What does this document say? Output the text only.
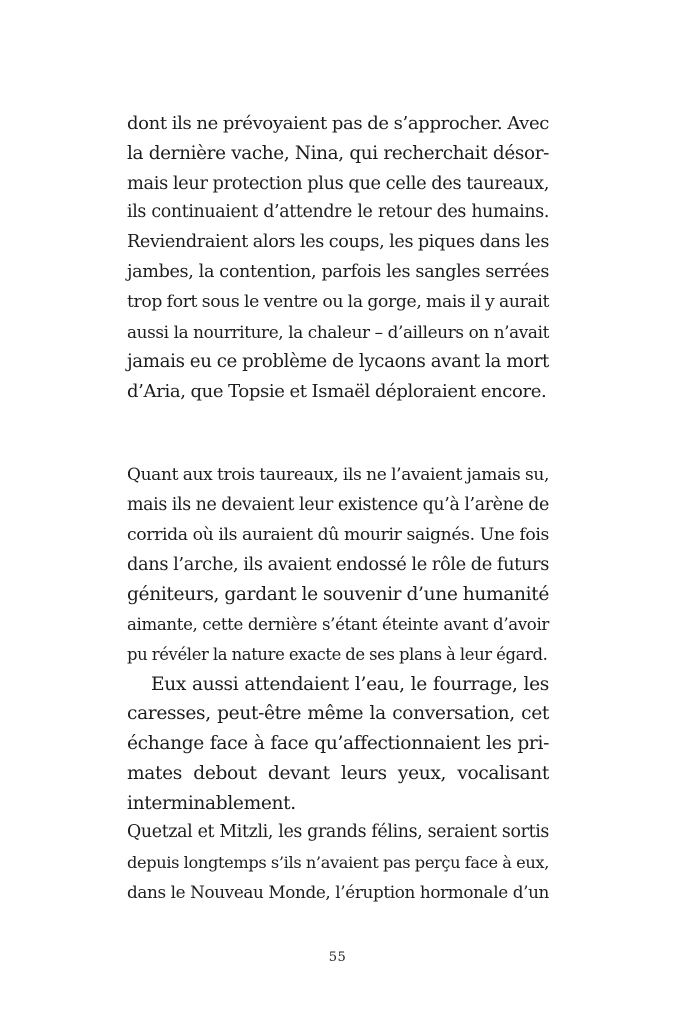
dont ils ne prévoyaient pas de s’approcher. Avec
la dernière vache, Nina, qui recherchait désor-
mais leur protection plus que celle des taureaux,
ils continuaient d’attendre le retour des humains.
Reviendraient alors les coups, les piques dans les
jambes, la contention, parfois les sangles serrées
trop fort sous le ventre ou la gorge, mais il y aurait
aussi la nourriture, la chaleur – d’ailleurs on n’avait
jamais eu ce problème de lycaons avant la mort
d’Aria, que Topsie et Ismaël déploraient encore.
Quant aux trois taureaux, ils ne l’avaient jamais su,
mais ils ne devaient leur existence qu’à l’arène de
corrida où ils auraient dû mourir saignés. Une fois
dans l’arche, ils avaient endossé le rôle de futurs
géniteurs, gardant le souvenir d’une humanité
aimante, cette dernière s’étant éteinte avant d’avoir
pu révéler la nature exacte de ses plans à leur égard.
Eux aussi attendaient l’eau, le fourrage, les
caresses, peut-être même la conversation, cet
échange face à face qu’affectionnaient les pri-
mates debout devant leurs yeux, vocalisant
interminablement.
Quetzal et Mitzli, les grands félins, seraient sortis
depuis longtemps s’ils n’avaient pas perçu face à eux,
dans le Nouveau Monde, l’éruption hormonale d’un
55
